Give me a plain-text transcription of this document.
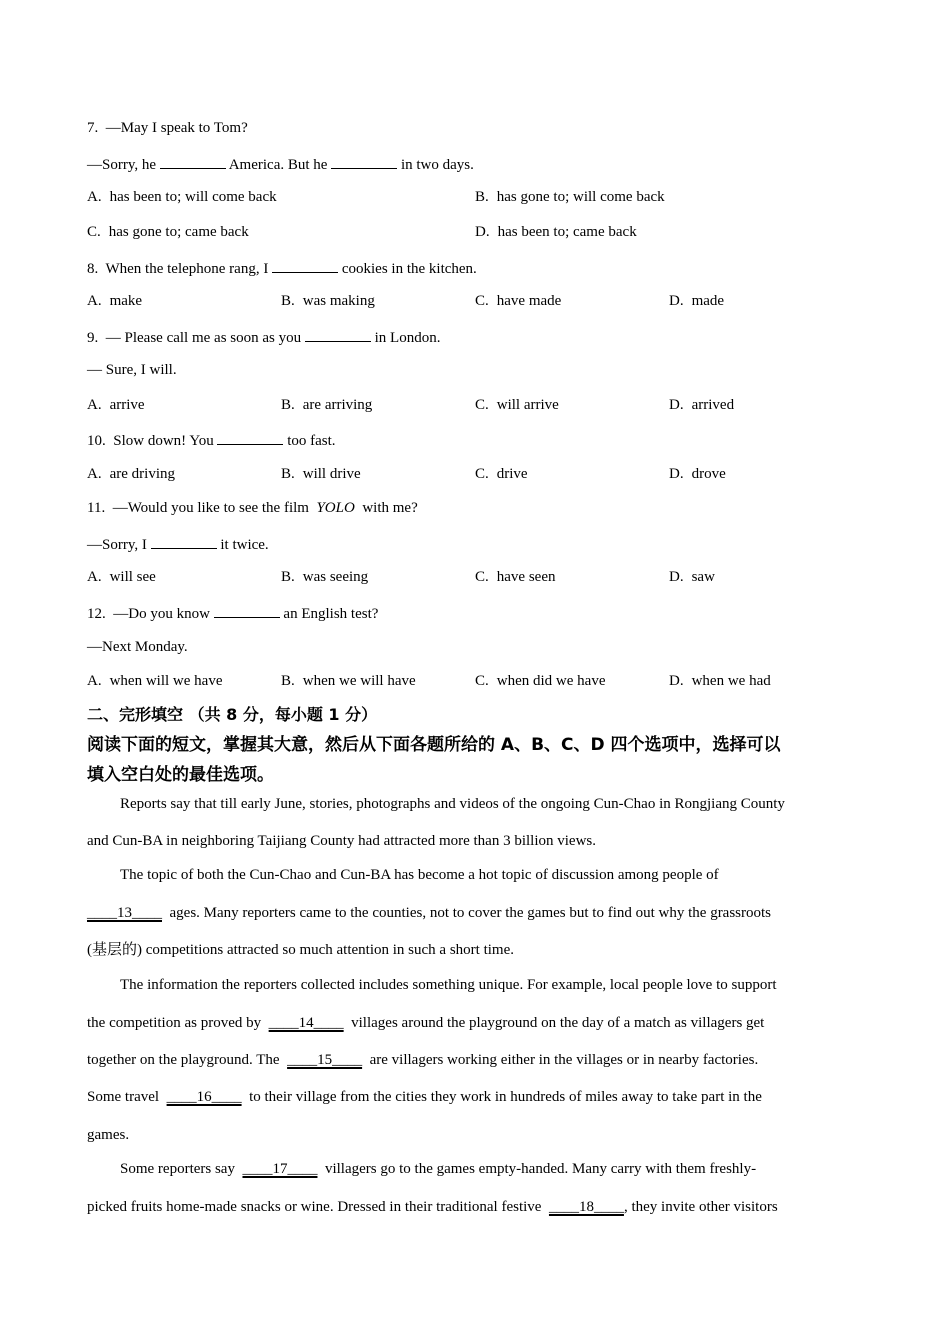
7. —May I speak to Tom?
—Sorry, he	America. But he	in two days.
A. has been to; will come back	B. has gone to; will come back
C. has gone to; came back	D. has been to; came back
8. When the telephone rang, I	cookies in the kitchen.
A. make	B. was making	C. have made	D. made
9. — Please call me as soon as you	in London.
— Sure, I will.
A. arrive	B. are arriving	C. will arrive	D. arrived
10. Slow down! You	too fast.
A. are driving	B. will drive	C. drive	D. drove
11. —Would you like to see the film YOLO with me?
—Sorry, I	it twice.
A. will see	B. was seeing	C. have seen	D. saw
12. —Do you know	an English test?
—Next Monday.
A. when will we have	B. when we will have	C. when did we have	D. when we had
二、完形填空 （共 8 分，每小题 1 分）
阅读下面的短文，掌握其大意，然后从下面各题所给的 A、B、C、D 四个选项中，选择可以
填入空白处的最佳选项。
Reports say that till early June, stories, photographs and videos of the ongoing Cun-Chao in Rongjiang County
and Cun-BA in neighboring Taijiang County had attracted more than 3 billion views.
The topic of both the Cun-Chao and Cun-BA has become a hot topic of discussion among people of
____13____ ages. Many reporters came to the counties, not to cover the games but to find out why the grassroots
(基层的) competitions attracted so much attention in such a short time.
The information the reporters collected includes something unique. For example, local people love to support
the competition as proved by ____14____ villages around the playground on the day of a match as villagers get
together on the playground. The ____15____ are villagers working either in the villages or in nearby factories.
Some travel ____16____ to their village from the cities they work in hundreds of miles away to take part in the
games.
Some reporters say ____17____ villagers go to the games empty-handed. Many carry with them freshly-
picked fruits home-made snacks or wine. Dressed in their traditional festive ____18____, they invite other visitors
